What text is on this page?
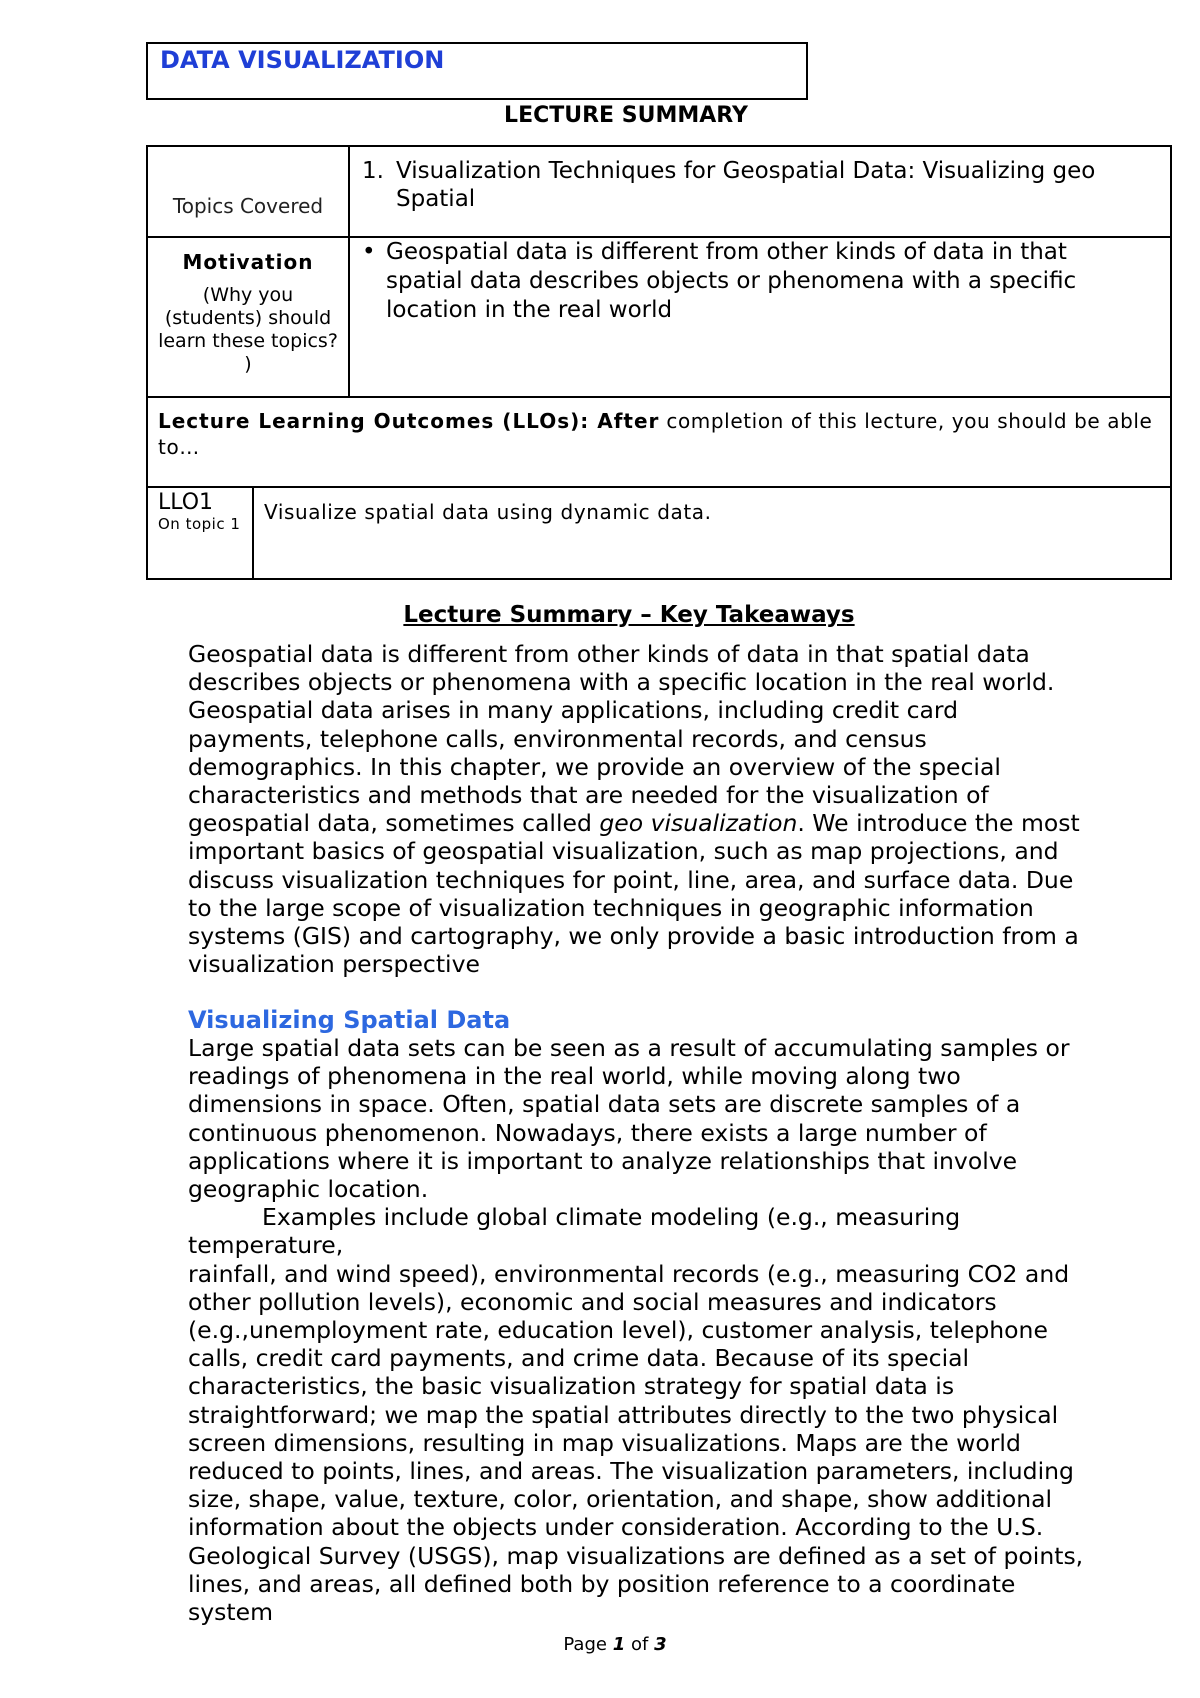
DATA VISUALIZATION
LECTURE SUMMARY
Topics Covered	1. Visualization Techniques for Geospatial Data: Visualizing geo Spatial

Motivation
(Why you (students) should learn these topics? )
	• Geospatial data is different from other kinds of data in that spatial data describes objects or phenomena with a specific location in the real world
Lecture Learning Outcomes (LLOs): After completion of this lecture, you should be able to…

LLO1
On topic 1	Visualize spatial data using dynamic data.
Lecture Summary – Key Takeaways
Geospatial data is different from other kinds of data in that spatial data describes objects or phenomena with a specific location in the real world. Geospatial data arises in many applications, including credit card payments, telephone calls, environmental records, and census demographics. In this chapter, we provide an overview of the special characteristics and methods that are needed for the visualization of geospatial data, sometimes called geo visualization. We introduce the most important basics of geospatial visualization, such as map projections, and discuss visualization techniques for point, line, area, and surface data. Due to the large scope of visualization techniques in geographic information systems (GIS) and cartography, we only provide a basic introduction from a visualization perspective
Visualizing Spatial Data
Large spatial data sets can be seen as a result of accumulating samples or readings of phenomena in the real world, while moving along two dimensions in space. Often, spatial data sets are discrete samples of a continuous phenomenon. Nowadays, there exists a large number of applications where it is important to analyze relationships that involve geographic location.
Examples include global climate modeling (e.g., measuring temperature,
rainfall, and wind speed), environmental records (e.g., measuring CO2 and other pollution levels), economic and social measures and indicators (e.g.,unemployment rate, education level), customer analysis, telephone calls, credit card payments, and crime data. Because of its special characteristics, the basic visualization strategy for spatial data is straightforward; we map the spatial attributes directly to the two physical screen dimensions, resulting in map visualizations. Maps are the world reduced to points, lines, and areas. The visualization parameters, including size, shape, value, texture, color, orientation, and shape, show additional information about the objects under consideration. According to the U.S. Geological Survey (USGS), map visualizations are defined as a set of points, lines, and areas, all defined both by position reference to a coordinate system
Page 1 of 3
